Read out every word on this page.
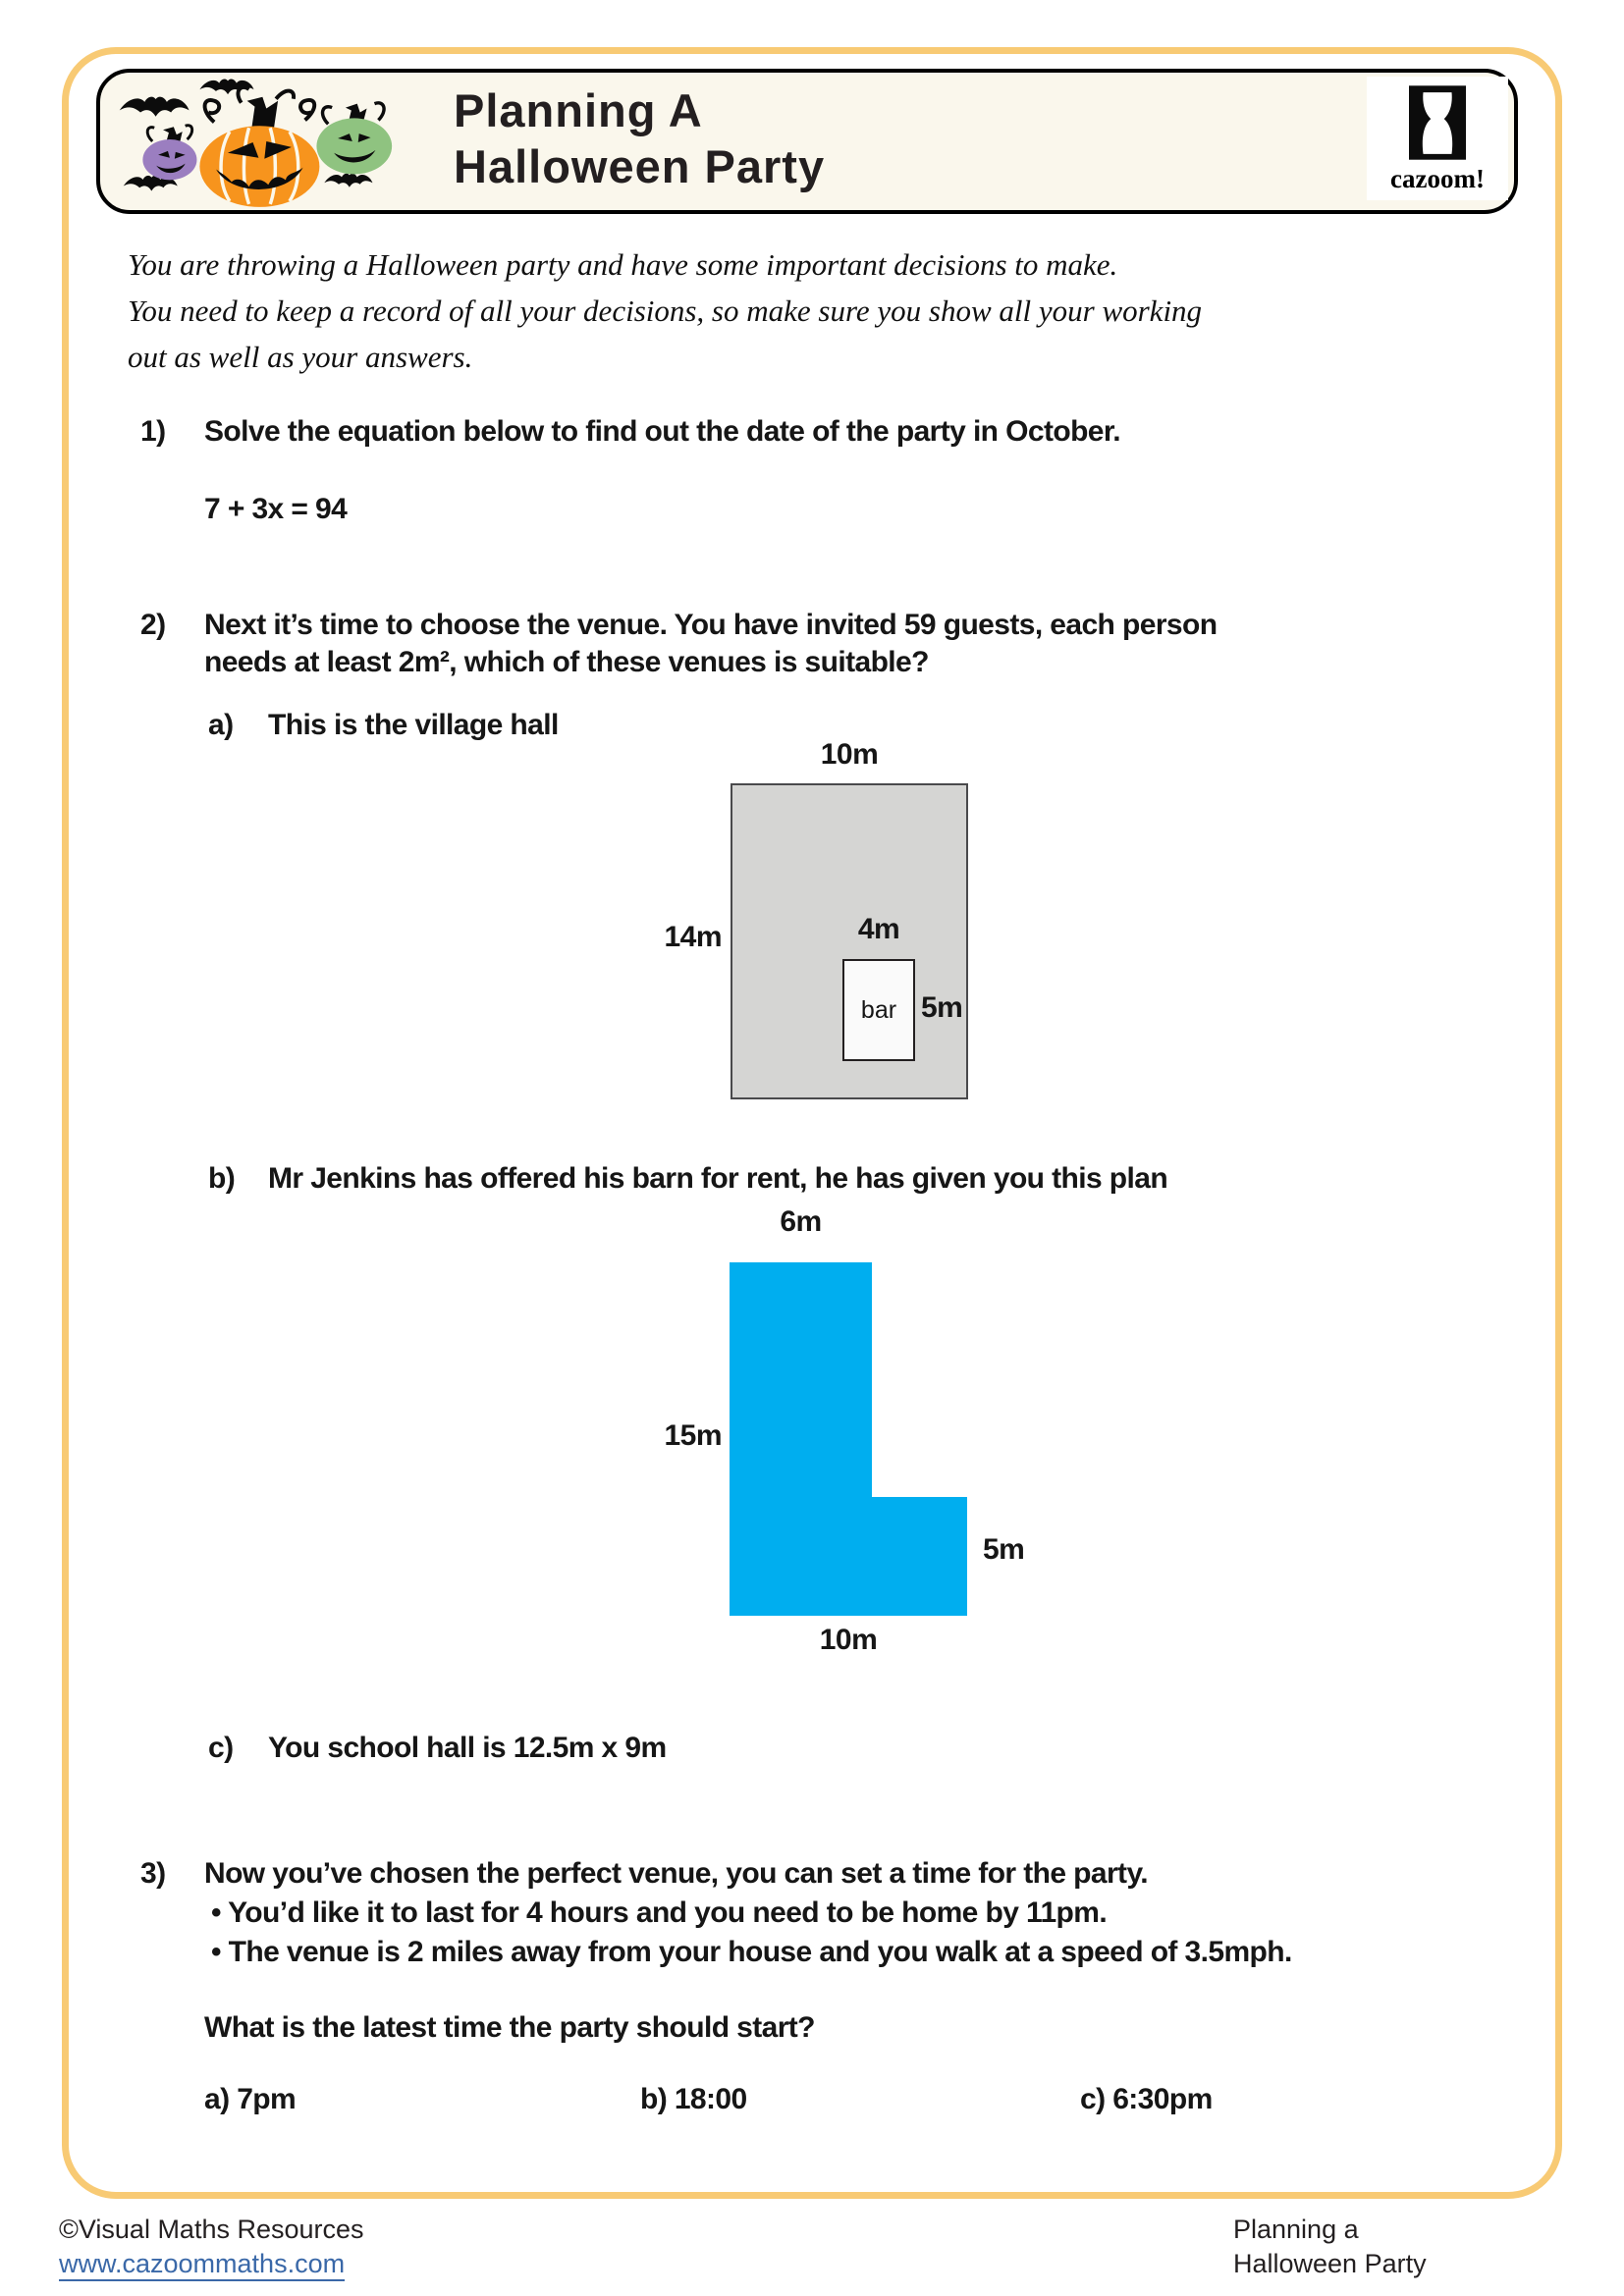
Planning A
Halloween Party	cazoom!
You are throwing a Halloween party and have some important decisions to make.
You need to keep a record of all your decisions, so make sure you show all your working
out as well as your answers.
1) Solve the equation below to find out the date of the party in October.
7 + 3x = 94
2) Next it’s time to choose the venue. You have invited 59 guests, each person
needs at least 2m², which of these venues is suitable?
a) This is the village hall
10m
14m	4m
bar 5m
b) Mr Jenkins has offered his barn for rent, he has given you this plan
6m
15m
5m
10m
c) You school hall is 12.5m x 9m
3) Now you’ve chosen the perfect venue, you can set a time for the party.
• You’d like it to last for 4 hours and you need to be home by 11pm.
• The venue is 2 miles away from your house and you walk at a speed of 3.5mph.
What is the latest time the party should start?
a) 7pm	b) 18:00	c) 6:30pm
©Visual Maths Resources
www.cazoommaths.com
Planning a
Halloween Party
